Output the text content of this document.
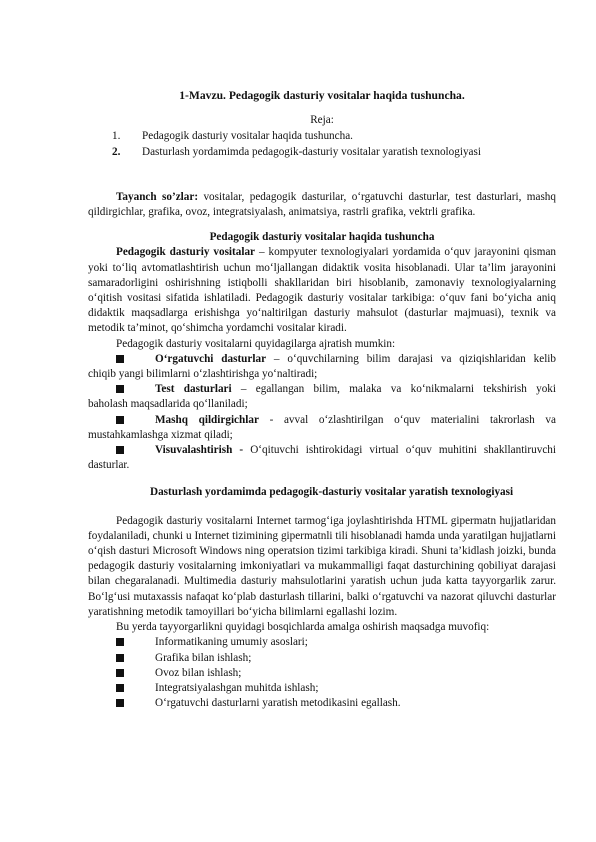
1-Mavzu. Pedagogik dasturiy vositalar haqida tushuncha.
Reja:
1.	Pedagogik dasturiy vositalar haqida tushuncha.
2.	Dasturlash yordamimda pedagogik-dasturiy vositalar yaratish texnologiyasi

Tayanch so’zlar: vositalar, pedagogik dasturilar, o‘rgatuvchi dasturlar, test dasturlari, mashq qildirgichlar, grafika, ovoz, integratsiyalash, animatsiya, rastrli grafika, vektrli grafika.

Pedagogik dasturiy vositalar haqida tushuncha

Pedagogik dasturiy vositalar – kompyuter texnologiyalari yordamida o‘quv jarayonini qisman yoki to‘liq avtomatlashtirish uchun mo‘ljallangan didaktik vosita hisoblanadi. Ular ta’lim jarayonini samaradorligini oshirishning istiqbolli shakllaridan biri hisoblanib, zamonaviy texnologiyalarning o‘qitish vositasi sifatida ishlatiladi. Pedagogik dasturiy vositalar tarkibiga: o‘quv fani bo‘yicha aniq didaktik maqsadlarga erishishga yo‘naltirilgan dasturiy mahsulot (dasturlar majmuasi), texnik va metodik ta’minot, qo‘shimcha yordamchi vositalar kiradi.

Pedagogik dasturiy vositalarni quyidagilarga ajratish mumkin:

O‘rgatuvchi dasturlar – o‘quvchilarning bilim darajasi va qiziqishlaridan kelib
chiqib yangi bilimlarni o‘zlashtirishga yo‘naltiradi;
Test dasturlari – egallangan bilim, malaka va ko‘nikmalarni tekshirish yoki
baholash maqsadlarida qo‘llaniladi;
Mashq qildirgichlar - avval o‘zlashtirilgan o‘quv materialini takrorlash va
mustahkamlashga xizmat qiladi;
Visuvalashtirish - O‘qituvchi ishtirokidagi virtual o‘quv muhitini shakllantiruvchi
dasturlar.
Dasturlash yordamimda pedagogik-dasturiy vositalar yaratish texnologiyasi

Pedagogik dasturiy vositalarni Internet tarmog‘iga joylashtirishda HTML gipermatn hujjatlaridan foydalaniladi, chunki u Internet tizimining gipermatnli tili hisoblanadi hamda unda yaratilgan hujjatlarni o‘qish dasturi Microsoft Windows ning operatsion tizimi tarkibiga kiradi. Shuni ta’kidlash joizki, bunda pedagogik dasturiy vositalarning imkoniyatlari va mukammalligi faqat dasturchining qobiliyat darajasi bilan chegaralanadi. Multimedia dasturiy mahsulotlarini yaratish uchun juda katta tayyorgarlik zarur. Bo‘lg‘usi mutaxassis nafaqat ko‘plab dasturlash tillarini, balki o‘rgatuvchi va nazorat qiluvchi dasturlar yaratishning metodik tamoyillari bo‘yicha bilimlarni egallashi lozim.

Bu yerda tayyorgarlikni quyidagi bosqichlarda amalga oshirish maqsadga muvofiq:

Informatikaning umumiy asoslari;
Grafika bilan ishlash;
Ovoz bilan ishlash;
Integratsiyalashgan muhitda ishlash;
O‘rgatuvchi dasturlarni yaratish metodikasini egallash.
